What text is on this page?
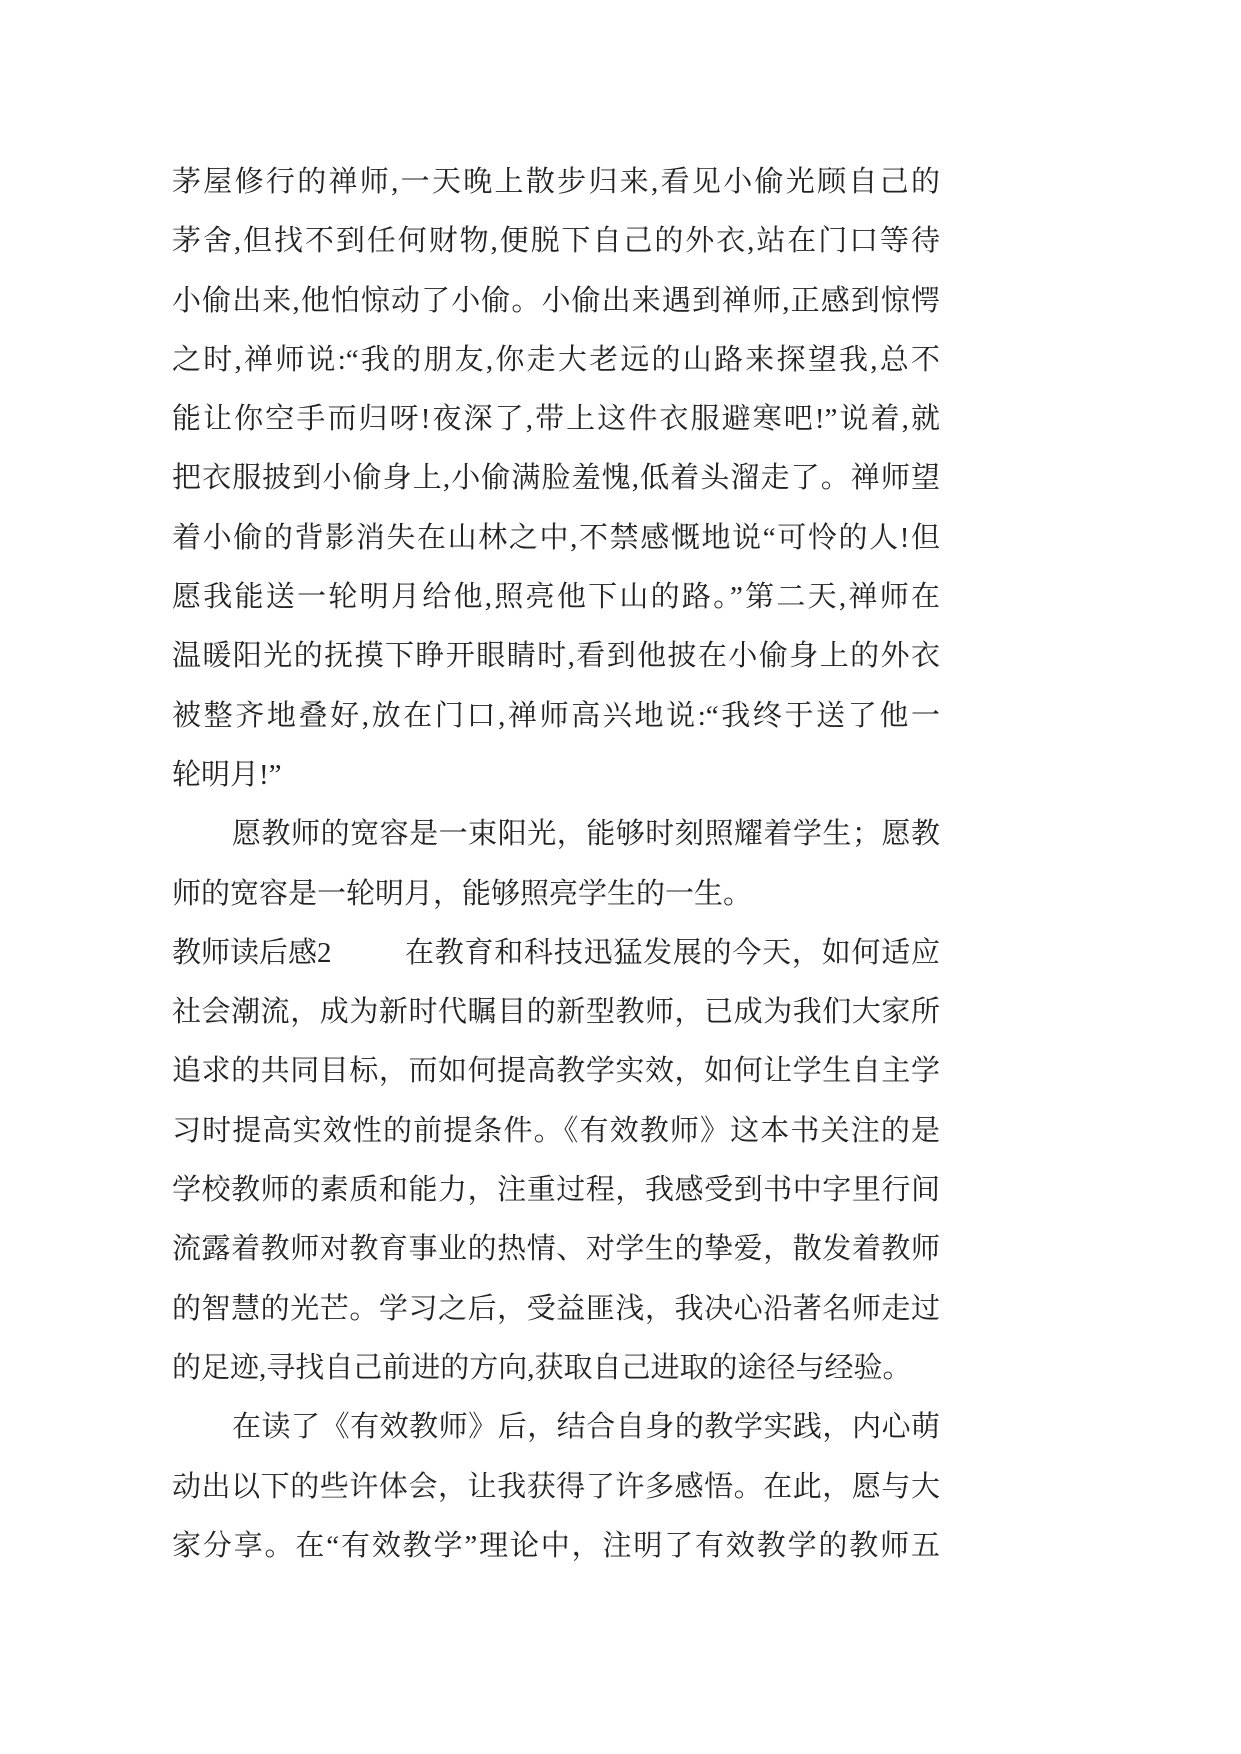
茅屋修行的禅师,一天晚上散步归来,看见小偷光顾自己的
茅舍,但找不到任何财物,便脱下自己的外衣,站在门口等待
小偷出来,他怕惊动了小偷。小偷出来遇到禅师,正感到惊愕
之时,禅师说:“我的朋友,你走大老远的山路来探望我,总不
能让你空手而归呀!夜深了,带上这件衣服避寒吧!”说着,就
把衣服披到小偷身上,小偷满脸羞愧,低着头溜走了。禅师望
着小偷的背影消失在山林之中,不禁感慨地说“可怜的人!但
愿我能送一轮明月给他,照亮他下山的路。”第二天,禅师在
温暖阳光的抚摸下睁开眼睛时,看到他披在小偷身上的外衣
被整齐地叠好,放在门口,禅师高兴地说:“我终于送了他一
轮明月!”
愿教师的宽容是一束阳光，能够时刻照耀着学生；愿教
师的宽容是一轮明月，能够照亮学生的一生。
教师读后感2	在教育和科技迅猛发展的今天，如何适应
社会潮流，成为新时代瞩目的新型教师，已成为我们大家所
追求的共同目标，而如何提高教学实效，如何让学生自主学
习时提高实效性的前提条件。《有效教师》这本书关注的是
学校教师的素质和能力，注重过程，我感受到书中字里行间
流露着教师对教育事业的热情、对学生的挚爱，散发着教师
的智慧的光芒。学习之后，受益匪浅，我决心沿著名师走过
的足迹,寻找自己前进的方向,获取自己进取的途径与经验。
在读了《有效教师》后，结合自身的教学实践，内心萌
动出以下的些许体会，让我获得了许多感悟。在此，愿与大
家分享。在“有效教学”理论中，注明了有效教学的教师五
